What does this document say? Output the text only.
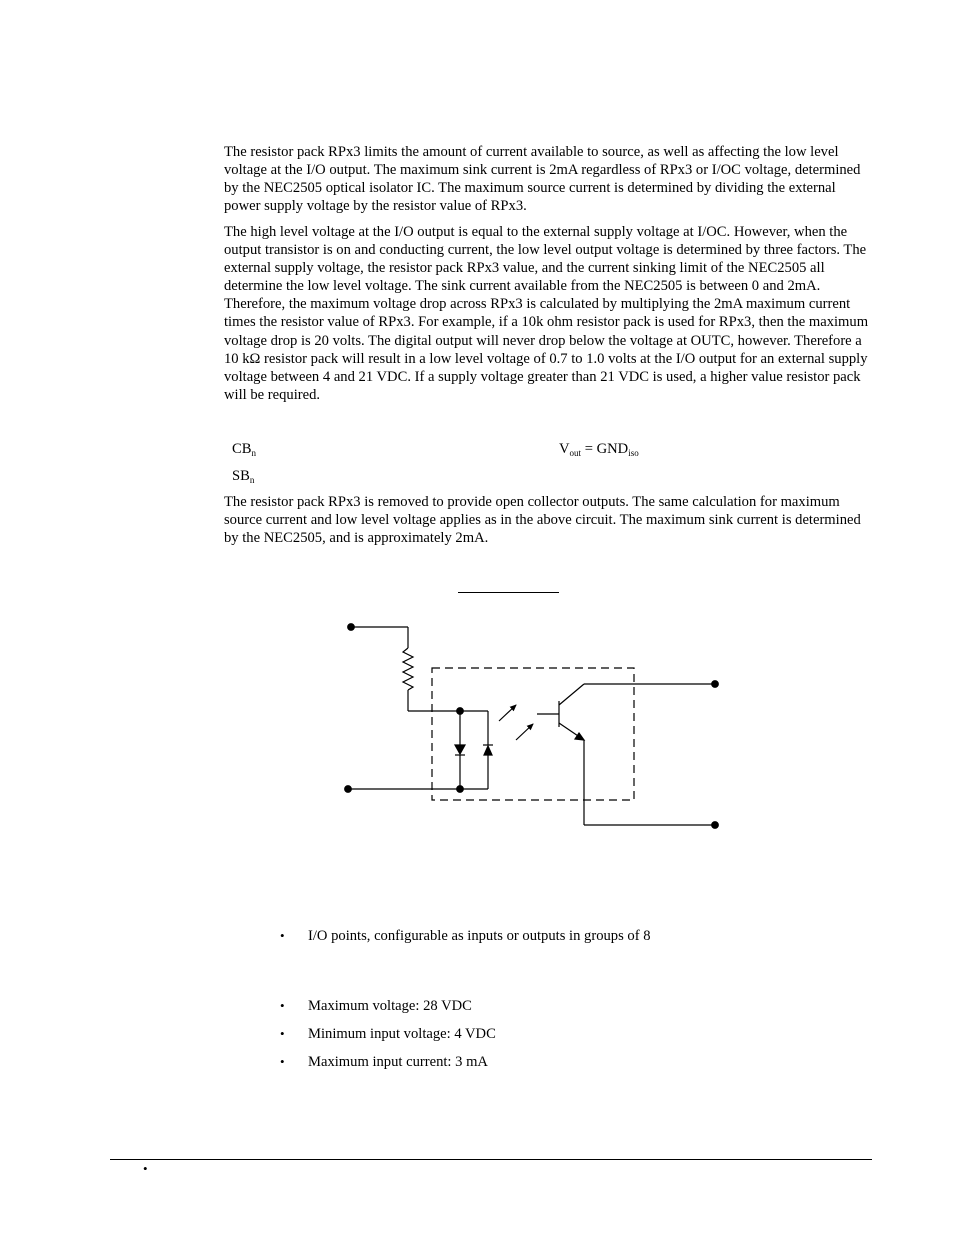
The resistor pack RPx3 limits the amount of current available to source, as well as affecting the low level voltage at the I/O output. The maximum sink current is 2mA regardless of RPx3 or I/OC voltage, determined by the NEC2505 optical isolator IC. The maximum source current is determined by dividing the external power supply voltage by the resistor value of RPx3.

The high level voltage at the I/O output is equal to the external supply voltage at I/OC. However, when the output transistor is on and conducting current, the low level output voltage is determined by three factors. The external supply voltage, the resistor pack RPx3 value, and the current sinking limit of the NEC2505 all determine the low level voltage. The sink current available from the NEC2505 is between 0 and 2mA. Therefore, the maximum voltage drop across RPx3 is calculated by multiplying the 2mA maximum current times the resistor value of RPx3. For example, if a 10k ohm resistor pack is used for RPx3, then the maximum voltage drop is 20 volts. The digital output will never drop below the voltage at OUTC, however. Therefore a 10 kΩ resistor pack will result in a low level voltage of 0.7 to 1.0 volts at the I/O output for an external supply voltage between 4 and 21 VDC. If a supply voltage greater than 21 VDC is used, a higher value resistor pack will be required.

$CB_n$
$SB_n$
$V_{out} = GND_{iso}$

The resistor pack RPx3 is removed to provide open collector outputs. The same calculation for maximum source current and low level voltage applies as in the above circuit. The maximum sink current is determined by the NEC2505, and is approximately 2mA.

• I/O points, configurable as inputs or outputs in groups of 8
• Maximum voltage: 28 VDC
• Minimum input voltage: 4 VDC
• Maximum input current: 3 mA
•
